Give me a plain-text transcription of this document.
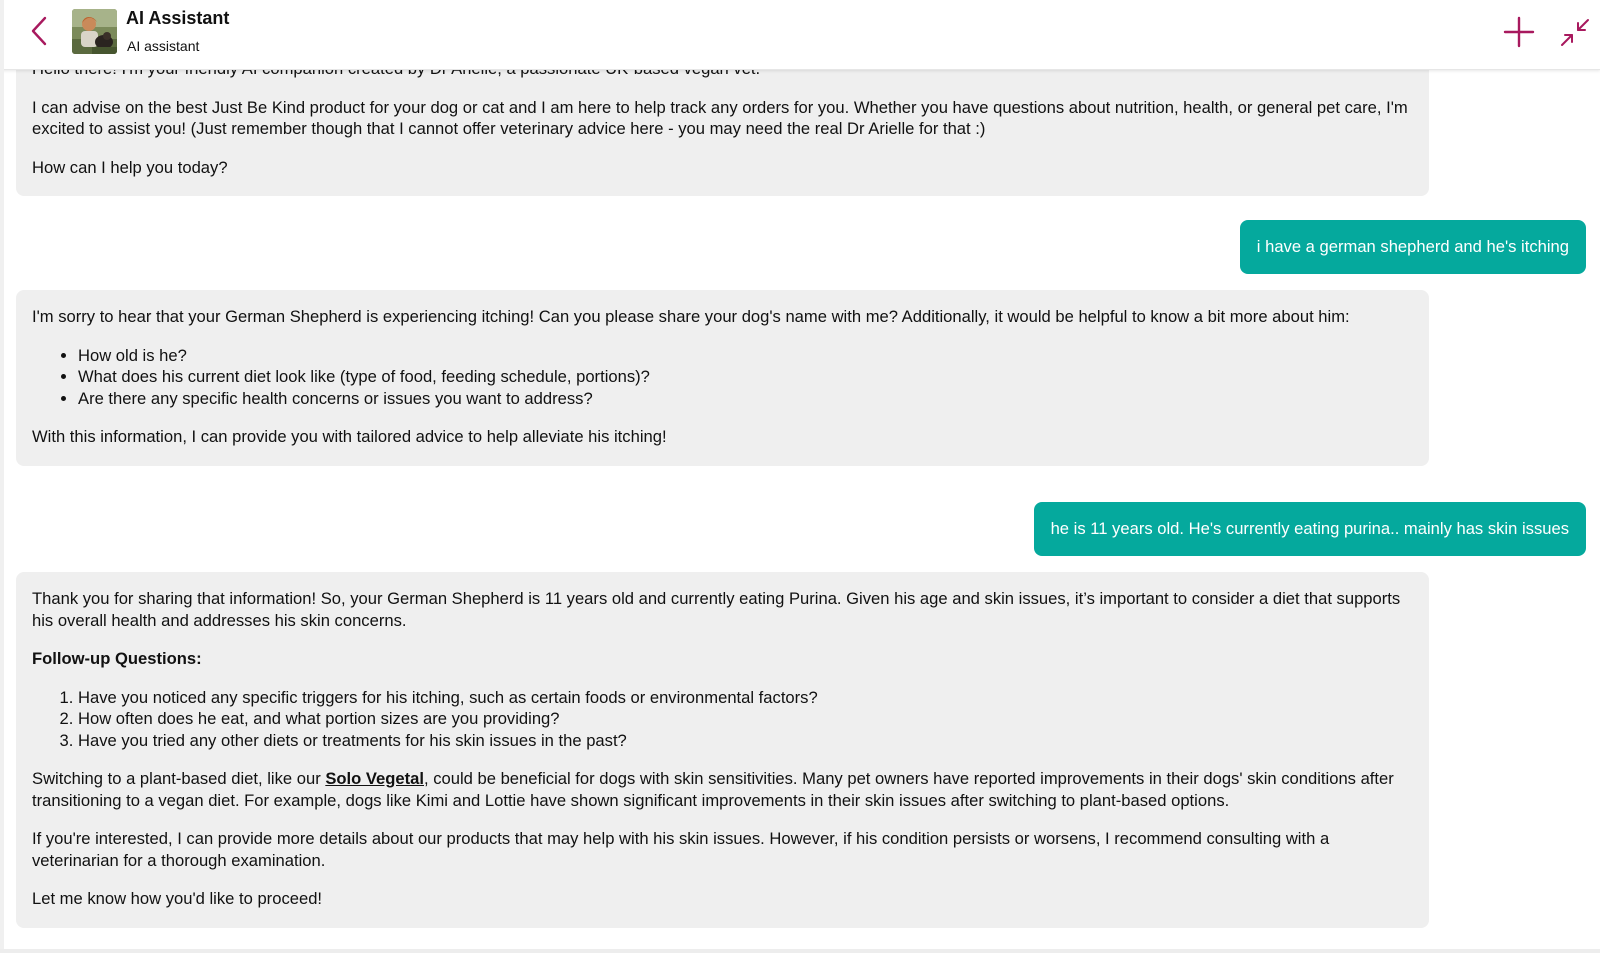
I can advise on the best Just Be Kind product for your dog or cat and I am here to help track any orders for you. Whether you have questions about nutrition, health, or general pet care, I'm excited to assist you! (Just remember though that I cannot offer veterinary advice here - you may need the real Dr Arielle for that :)

How can I help you today?

i have a german shepherd and he's itching

I'm sorry to hear that your German Shepherd is experiencing itching! Can you please share your dog's name with me? Additionally, it would be helpful to know a bit more about him:

• How old is he?
• What does his current diet look like (type of food, feeding schedule, portions)?
• Are there any specific health concerns or issues you want to address?

With this information, I can provide you with tailored advice to help alleviate his itching!

he is 11 years old. He's currently eating purina.. mainly has skin issues

Thank you for sharing that information! So, your German Shepherd is 11 years old and currently eating Purina. Given his age and skin issues, it’s important to consider a diet that supports his overall health and addresses his skin concerns.

Follow-up Questions:

1. Have you noticed any specific triggers for his itching, such as certain foods or environmental factors?
2. How often does he eat, and what portion sizes are you providing?
3. Have you tried any other diets or treatments for his skin issues in the past?

Switching to a plant-based diet, like our Solo Vegetal, could be beneficial for dogs with skin sensitivities. Many pet owners have reported improvements in their dogs' skin conditions after transitioning to a vegan diet. For example, dogs like Kimi and Lottie have shown significant improvements in their skin issues after switching to plant-based options.

If you're interested, I can provide more details about our products that may help with his skin issues. However, if his condition persists or worsens, I recommend consulting with a veterinarian for a thorough examination.

Let me know how you'd like to proceed!

AI Assistant
AI assistant
